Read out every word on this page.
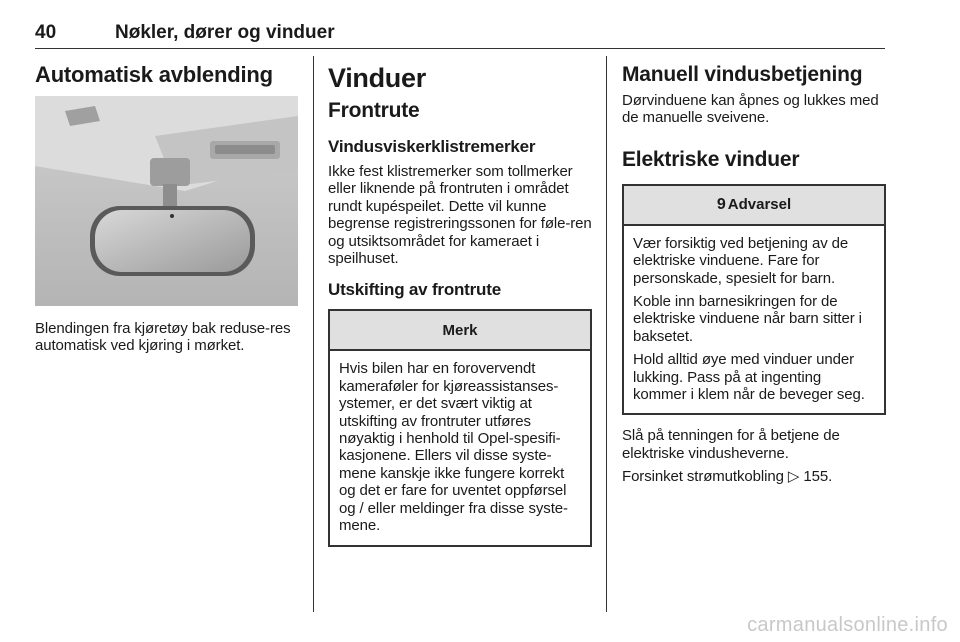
40	Nøkler, dører og vinduer
Automatisk avblending

Blendingen fra kjøretøy bak reduse-res automatisk ved kjøring i mørket.

Vinduer
Frontrute
Vindusviskerklistremerker

Ikke fest klistremerker som tollmerker eller liknende på frontruten i området rundt kupéspeilet. Dette vil kunne begrense registreringssonen for føle-ren og utsiktsområdet for kameraet i speilhuset.

Utskifting av frontrute
Merk

Hvis bilen har en forovervendt kameraføler for kjøreassistanses-ystemer, er det svært viktig at utskifting av frontruter utføres nøyaktig i henhold til Opel-spesifi-kasjonene. Ellers vil disse syste-mene kanskje ikke fungere korrekt og det er fare for uventet oppførsel og / eller meldinger fra disse syste-mene.

Manuell vindusbetjening

Dørvinduene kan åpnes og lukkes med de manuelle sveivene.

Elektriske vinduer
9 Advarsel

Vær forsiktig ved betjening av de elektriske vinduene. Fare for personskade, spesielt for barn.

Koble inn barnesikringen for de elektriske vinduene når barn sitter i baksetet.

Hold alltid øye med vinduer under lukking. Pass på at ingenting kommer i klem når de beveger seg.

Slå på tenningen for å betjene de elektriske vindusheverne.

Forsinket strømutkobling ▷ 155.

carmanualsonline.info
